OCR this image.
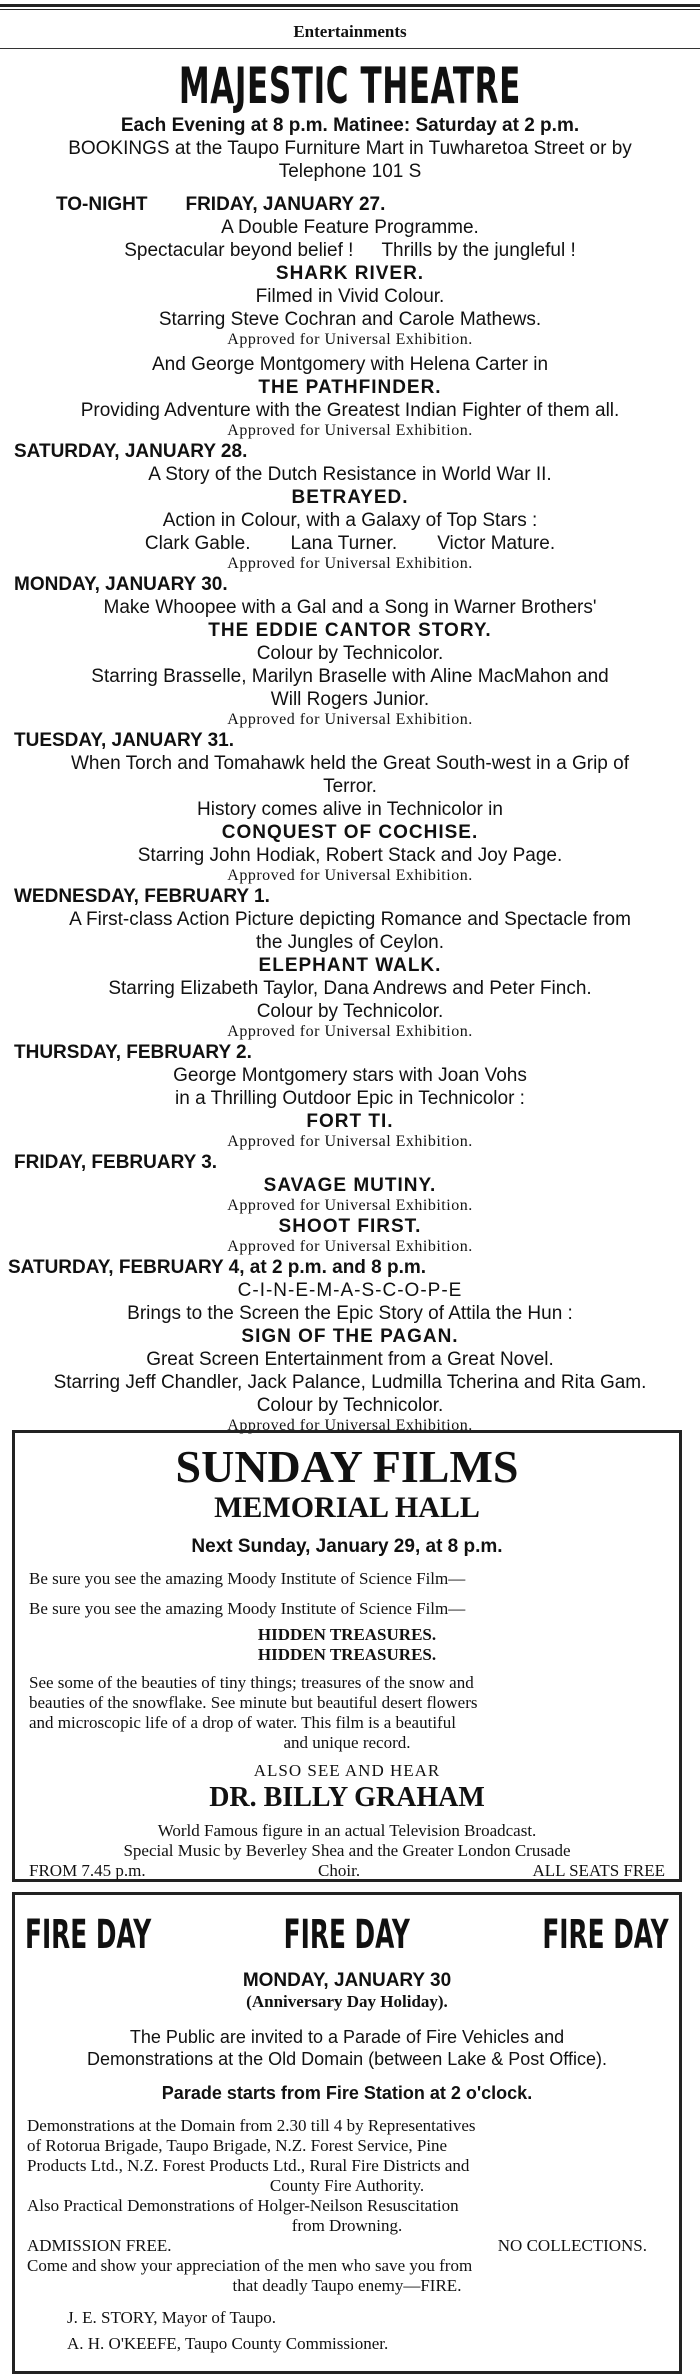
Entertainments
MAJESTIC THEATRE
Each Evening at 8 p.m. Matinee: Saturday at 2 p.m.
BOOKINGS at the Taupo Furniture Mart in Tuwharetoa Street or by
Telephone 101 S
TO-NIGHT FRIDAY, JANUARY 27.
A Double Feature Programme.
Spectacular beyond belief ! Thrills by the jungleful !
SHARK RIVER.
Filmed in Vivid Colour.
Starring Steve Cochran and Carole Mathews.
Approved for Universal Exhibition.
And George Montgomery with Helena Carter in
THE PATHFINDER.
Providing Adventure with the Greatest Indian Fighter of them all.
Approved for Universal Exhibition.
SATURDAY, JANUARY 28.
A Story of the Dutch Resistance in World War II.
BETRAYED.
Action in Colour, with a Galaxy of Top Stars :
Clark Gable. Lana Turner. Victor Mature.
Approved for Universal Exhibition.
MONDAY, JANUARY 30.
Make Whoopee with a Gal and a Song in Warner Brothers'
THE EDDIE CANTOR STORY.
Colour by Technicolor.
Starring Brasselle, Marilyn Braselle with Aline MacMahon and
Will Rogers Junior.
Approved for Universal Exhibition.
TUESDAY, JANUARY 31.
When Torch and Tomahawk held the Great South-west in a Grip of
Terror.
History comes alive in Technicolor in
CONQUEST OF COCHISE.
Starring John Hodiak, Robert Stack and Joy Page.
Approved for Universal Exhibition.
WEDNESDAY, FEBRUARY 1.
A First-class Action Picture depicting Romance and Spectacle from
the Jungles of Ceylon.
ELEPHANT WALK.
Starring Elizabeth Taylor, Dana Andrews and Peter Finch.
Colour by Technicolor.
Approved for Universal Exhibition.
THURSDAY, FEBRUARY 2.
George Montgomery stars with Joan Vohs
in a Thrilling Outdoor Epic in Technicolor :
FORT TI.
Approved for Universal Exhibition.
FRIDAY, FEBRUARY 3.
SAVAGE MUTINY.
Approved for Universal Exhibition.
SHOOT FIRST.
Approved for Universal Exhibition.
SATURDAY, FEBRUARY 4, at 2 p.m. and 8 p.m.
C-I-N-E-M-A-S-C-O-P-E
Brings to the Screen the Epic Story of Attila the Hun :
SIGN OF THE PAGAN.
Great Screen Entertainment from a Great Novel.
Starring Jeff Chandler, Jack Palance, Ludmilla Tcherina and Rita Gam.
Colour by Technicolor.
Approved for Universal Exhibition.
SUNDAY FILMS
MEMORIAL HALL
Next Sunday, January 29, at 8 p.m.
Be sure you see the amazing Moody Institute of Science Film—
Be sure you see the amazing Moody Institute of Science Film—
HIDDEN TREASURES.
HIDDEN TREASURES.
See some of the beauties of tiny things; treasures of the snow and
beauties of the snowflake. See minute but beautiful desert flowers
and microscopic life of a drop of water. This film is a beautiful
and unique record.
ALSO SEE AND HEAR
DR. BILLY GRAHAM
World Famous figure in an actual Television Broadcast.
Special Music by Beverley Shea and the Greater London Crusade
FROM 7.45 p.m.	Choir.	ALL SEATS FREE
FIRE DAY	FIRE DAY	FIRE DAY
MONDAY, JANUARY 30
(Anniversary Day Holiday).
The Public are invited to a Parade of Fire Vehicles and
Demonstrations at the Old Domain (between Lake & Post Office).
Parade starts from Fire Station at 2 o'clock.
Demonstrations at the Domain from 2.30 till 4 by Representatives
of Rotorua Brigade, Taupo Brigade, N.Z. Forest Service, Pine
Products Ltd., N.Z. Forest Products Ltd., Rural Fire Districts and
County Fire Authority.
Also Practical Demonstrations of Holger-Neilson Resuscitation
from Drowning.
ADMISSION FREE.	NO COLLECTIONS.
Come and show your appreciation of the men who save you from
that deadly Taupo enemy—FIRE.
J. E. STORY, Mayor of Taupo.
A. H. O'KEEFE, Taupo County Commissioner.
